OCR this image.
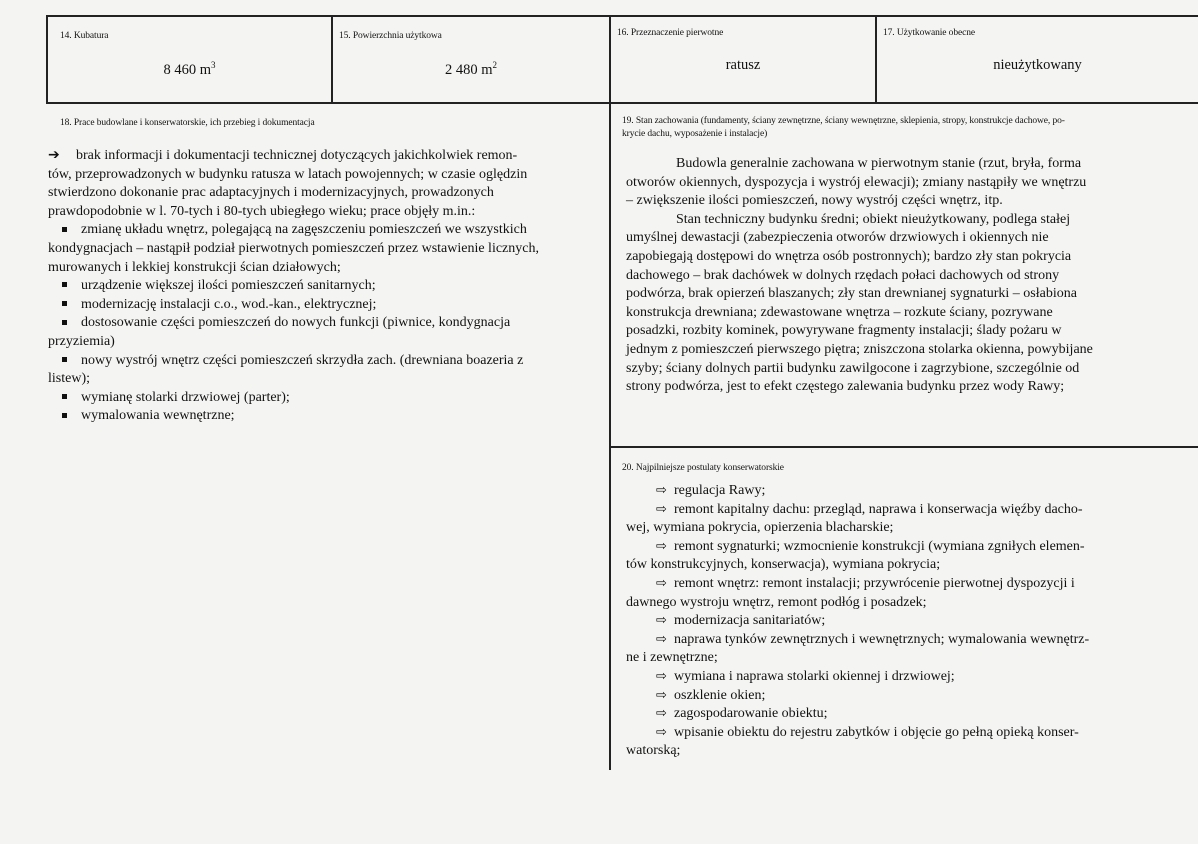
14. Kubatura
8 460 $m^3$
15. Powierzchnia użytkowa
2 480 $m^2$
16. Przeznaczenie pierwotne
ratusz
17. Użytkowanie obecne
nieużytkowany
18. Prace budowlane i konserwatorskie, ich przebieg i dokumentacja
➔ brak informacji i dokumentacji technicznej dotyczących jakichkolwiek remon-
tów, przeprowadzonych w budynku ratusza w latach powojennych; w czasie oględzin
stwierdzono dokonanie prac adaptacyjnych i modernizacyjnych, prowadzonych
prawdopodobnie w l. 70-tych i 80-tych ubiegłego wieku; prace objęły m.in.:
zmianę układu wnętrz, polegającą na zagęszczeniu pomieszczeń we wszystkich
kondygnacjach – nastąpił podział pierwotnych pomieszczeń przez wstawienie licznych,
murowanych i lekkiej konstrukcji ścian działowych;
urządzenie większej ilości pomieszczeń sanitarnych;
modernizację instalacji c.o., wod.-kan., elektrycznej;
dostosowanie części pomieszczeń do nowych funkcji (piwnice, kondygnacja
przyziemia)
nowy wystrój wnętrz części pomieszczeń skrzydła zach. (drewniana boazeria z
listew);
wymianę stolarki drzwiowej (parter);
wymalowania wewnętrzne;
19. Stan zachowania (fundamenty, ściany zewnętrzne, ściany wewnętrzne, sklepienia, stropy, konstrukcje dachowe, po-
krycie dachu, wyposażenie i instalacje)
Budowla generalnie zachowana w pierwotnym stanie (rzut, bryła, forma
otworów okiennych, dyspozycja i wystrój elewacji); zmiany nastąpiły we wnętrzu
– zwiększenie ilości pomieszczeń, nowy wystrój części wnętrz, itp.
Stan techniczny budynku średni; obiekt nieużytkowany, podlega stałej
umyślnej dewastacji (zabezpieczenia otworów drzwiowych i okiennych nie
zapobiegają dostępowi do wnętrza osób postronnych); bardzo zły stan pokrycia
dachowego – brak dachówek w dolnych rzędach połaci dachowych od strony
podwórza, brak opierzeń blaszanych; zły stan drewnianej sygnaturki – osłabiona
konstrukcja drewniana; zdewastowane wnętrza – rozkute ściany, pozrywane
posadzki, rozbity kominek, powyrywane fragmenty instalacji; ślady pożaru w
jednym z pomieszczeń pierwszego piętra; zniszczona stolarka okienna, powybijane
szyby; ściany dolnych partii budynku zawilgocone i zagrzybione, szczególnie od
strony podwórza, jest to efekt częstego zalewania budynku przez wody Rawy;
20. Najpilniejsze postulaty konserwatorskie
⇨ regulacja Rawy;
⇨ remont kapitalny dachu: przegląd, naprawa i konserwacja więźby dacho-
wej, wymiana pokrycia, opierzenia blacharskie;
⇨ remont sygnaturki; wzmocnienie konstrukcji (wymiana zgniłych elemen-
tów konstrukcyjnych, konserwacja), wymiana pokrycia;
⇨ remont wnętrz: remont instalacji; przywrócenie pierwotnej dyspozycji i
dawnego wystroju wnętrz, remont podłóg i posadzek;
⇨ modernizacja sanitariatów;
⇨ naprawa tynków zewnętrznych i wewnętrznych; wymalowania wewnętrz-
ne i zewnętrzne;
⇨ wymiana i naprawa stolarki okiennej i drzwiowej;
⇨ oszklenie okien;
⇨ zagospodarowanie obiektu;
⇨ wpisanie obiektu do rejestru zabytków i objęcie go pełną opieką konser-
watorską;
